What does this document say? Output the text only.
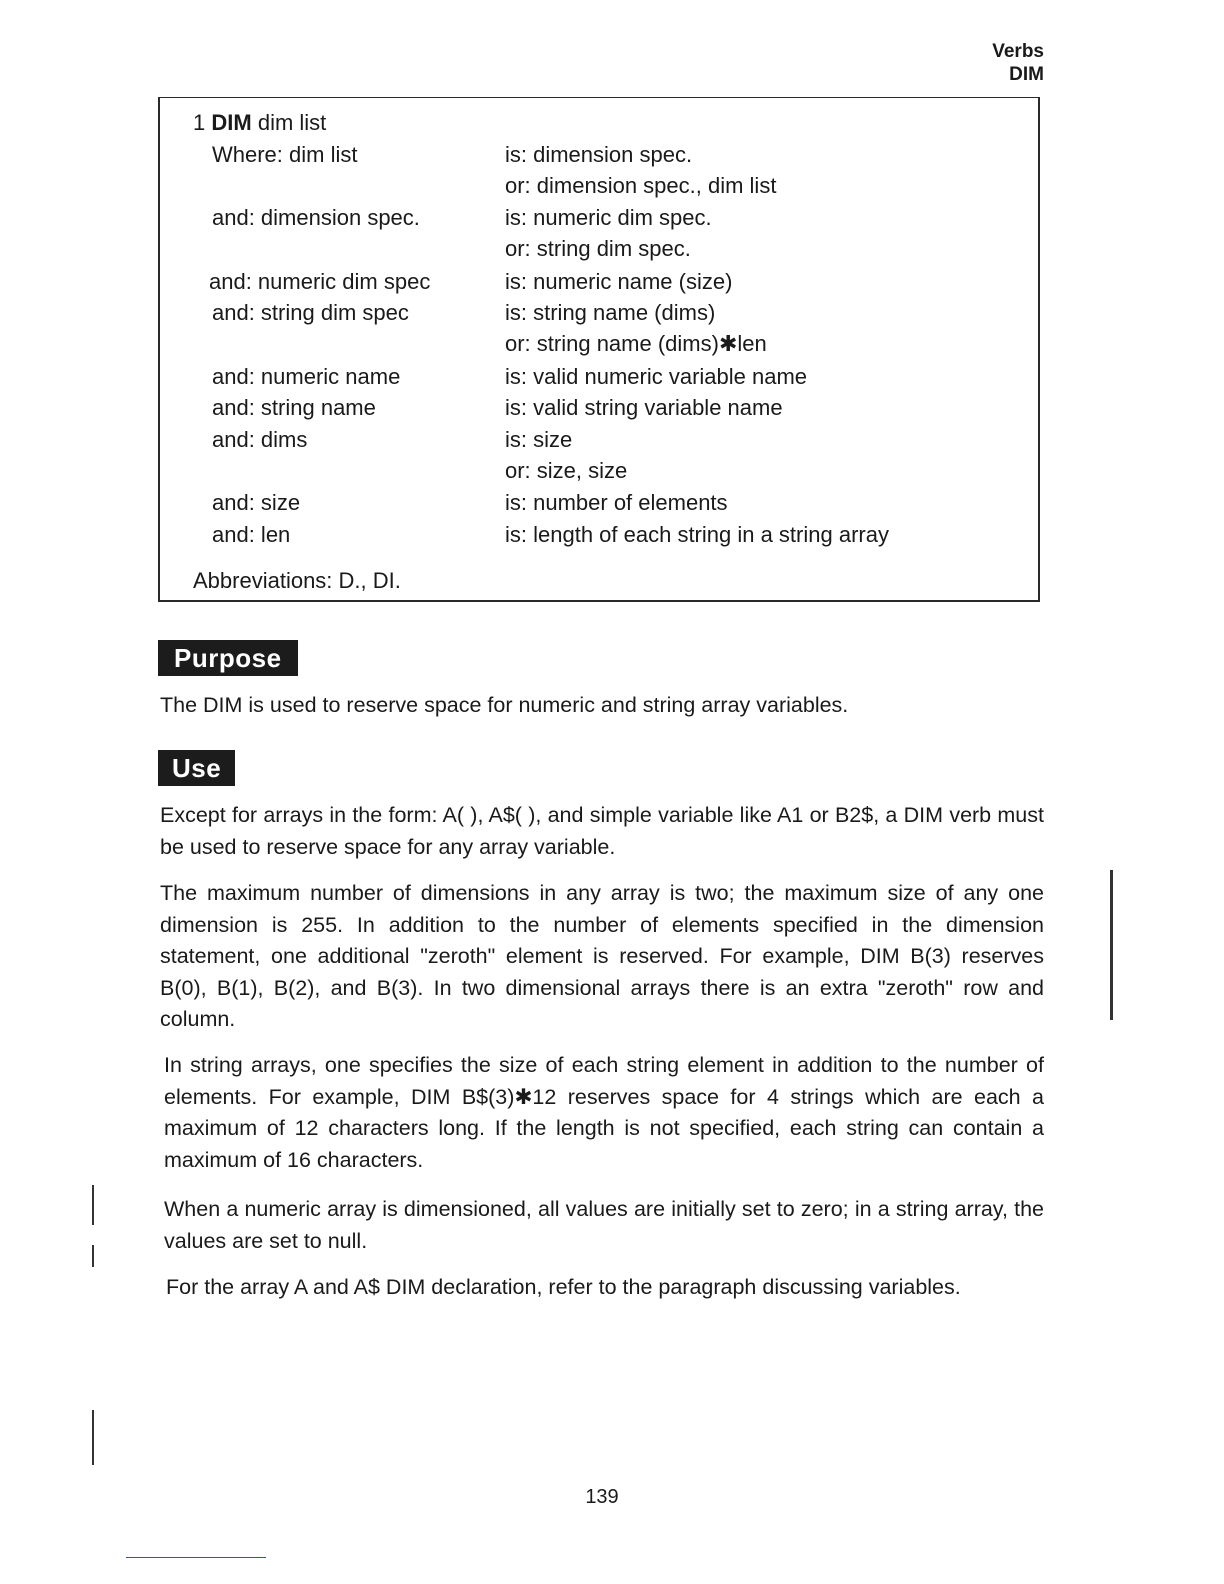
Verbs
DIM
1 DIM dim list
Where: dim list	is: dimension spec.
or: dimension spec., dim list
and: dimension spec.	is: numeric dim spec.
or: string dim spec.
and: numeric dim spec	is: numeric name (size)
and: string dim spec	is: string name (dims)
or: string name (dims)✱len
and: numeric name	is: valid numeric variable name
and: string name	is: valid string variable name
and: dims	is: size
or: size, size
and: size	is: number of elements
and: len	is: length of each string in a string array
Abbreviations: D., DI.
Purpose
The DIM is used to reserve space for numeric and string array variables.
Use
Except for arrays in the form: A( ), A$( ), and simple variable like A1 or B2$, a DIM verb must be used to reserve space for any array variable.
The maximum number of dimensions in any array is two; the maximum size of any one dimension is 255. In addition to the number of elements specified in the dimension statement, one additional "zeroth" element is reserved. For example, DIM B(3) reserves B(0), B(1), B(2), and B(3). In two dimensional arrays there is an extra "zeroth" row and column.
In string arrays, one specifies the size of each string element in addition to the number of elements. For example, DIM B$(3)✱12 reserves space for 4 strings which are each a maximum of 12 characters long. If the length is not specified, each string can contain a maximum of 16 characters.
When a numeric array is dimensioned, all values are initially set to zero; in a string array, the values are set to null.
For the array A and A$ DIM declaration, refer to the paragraph discussing variables.
139
